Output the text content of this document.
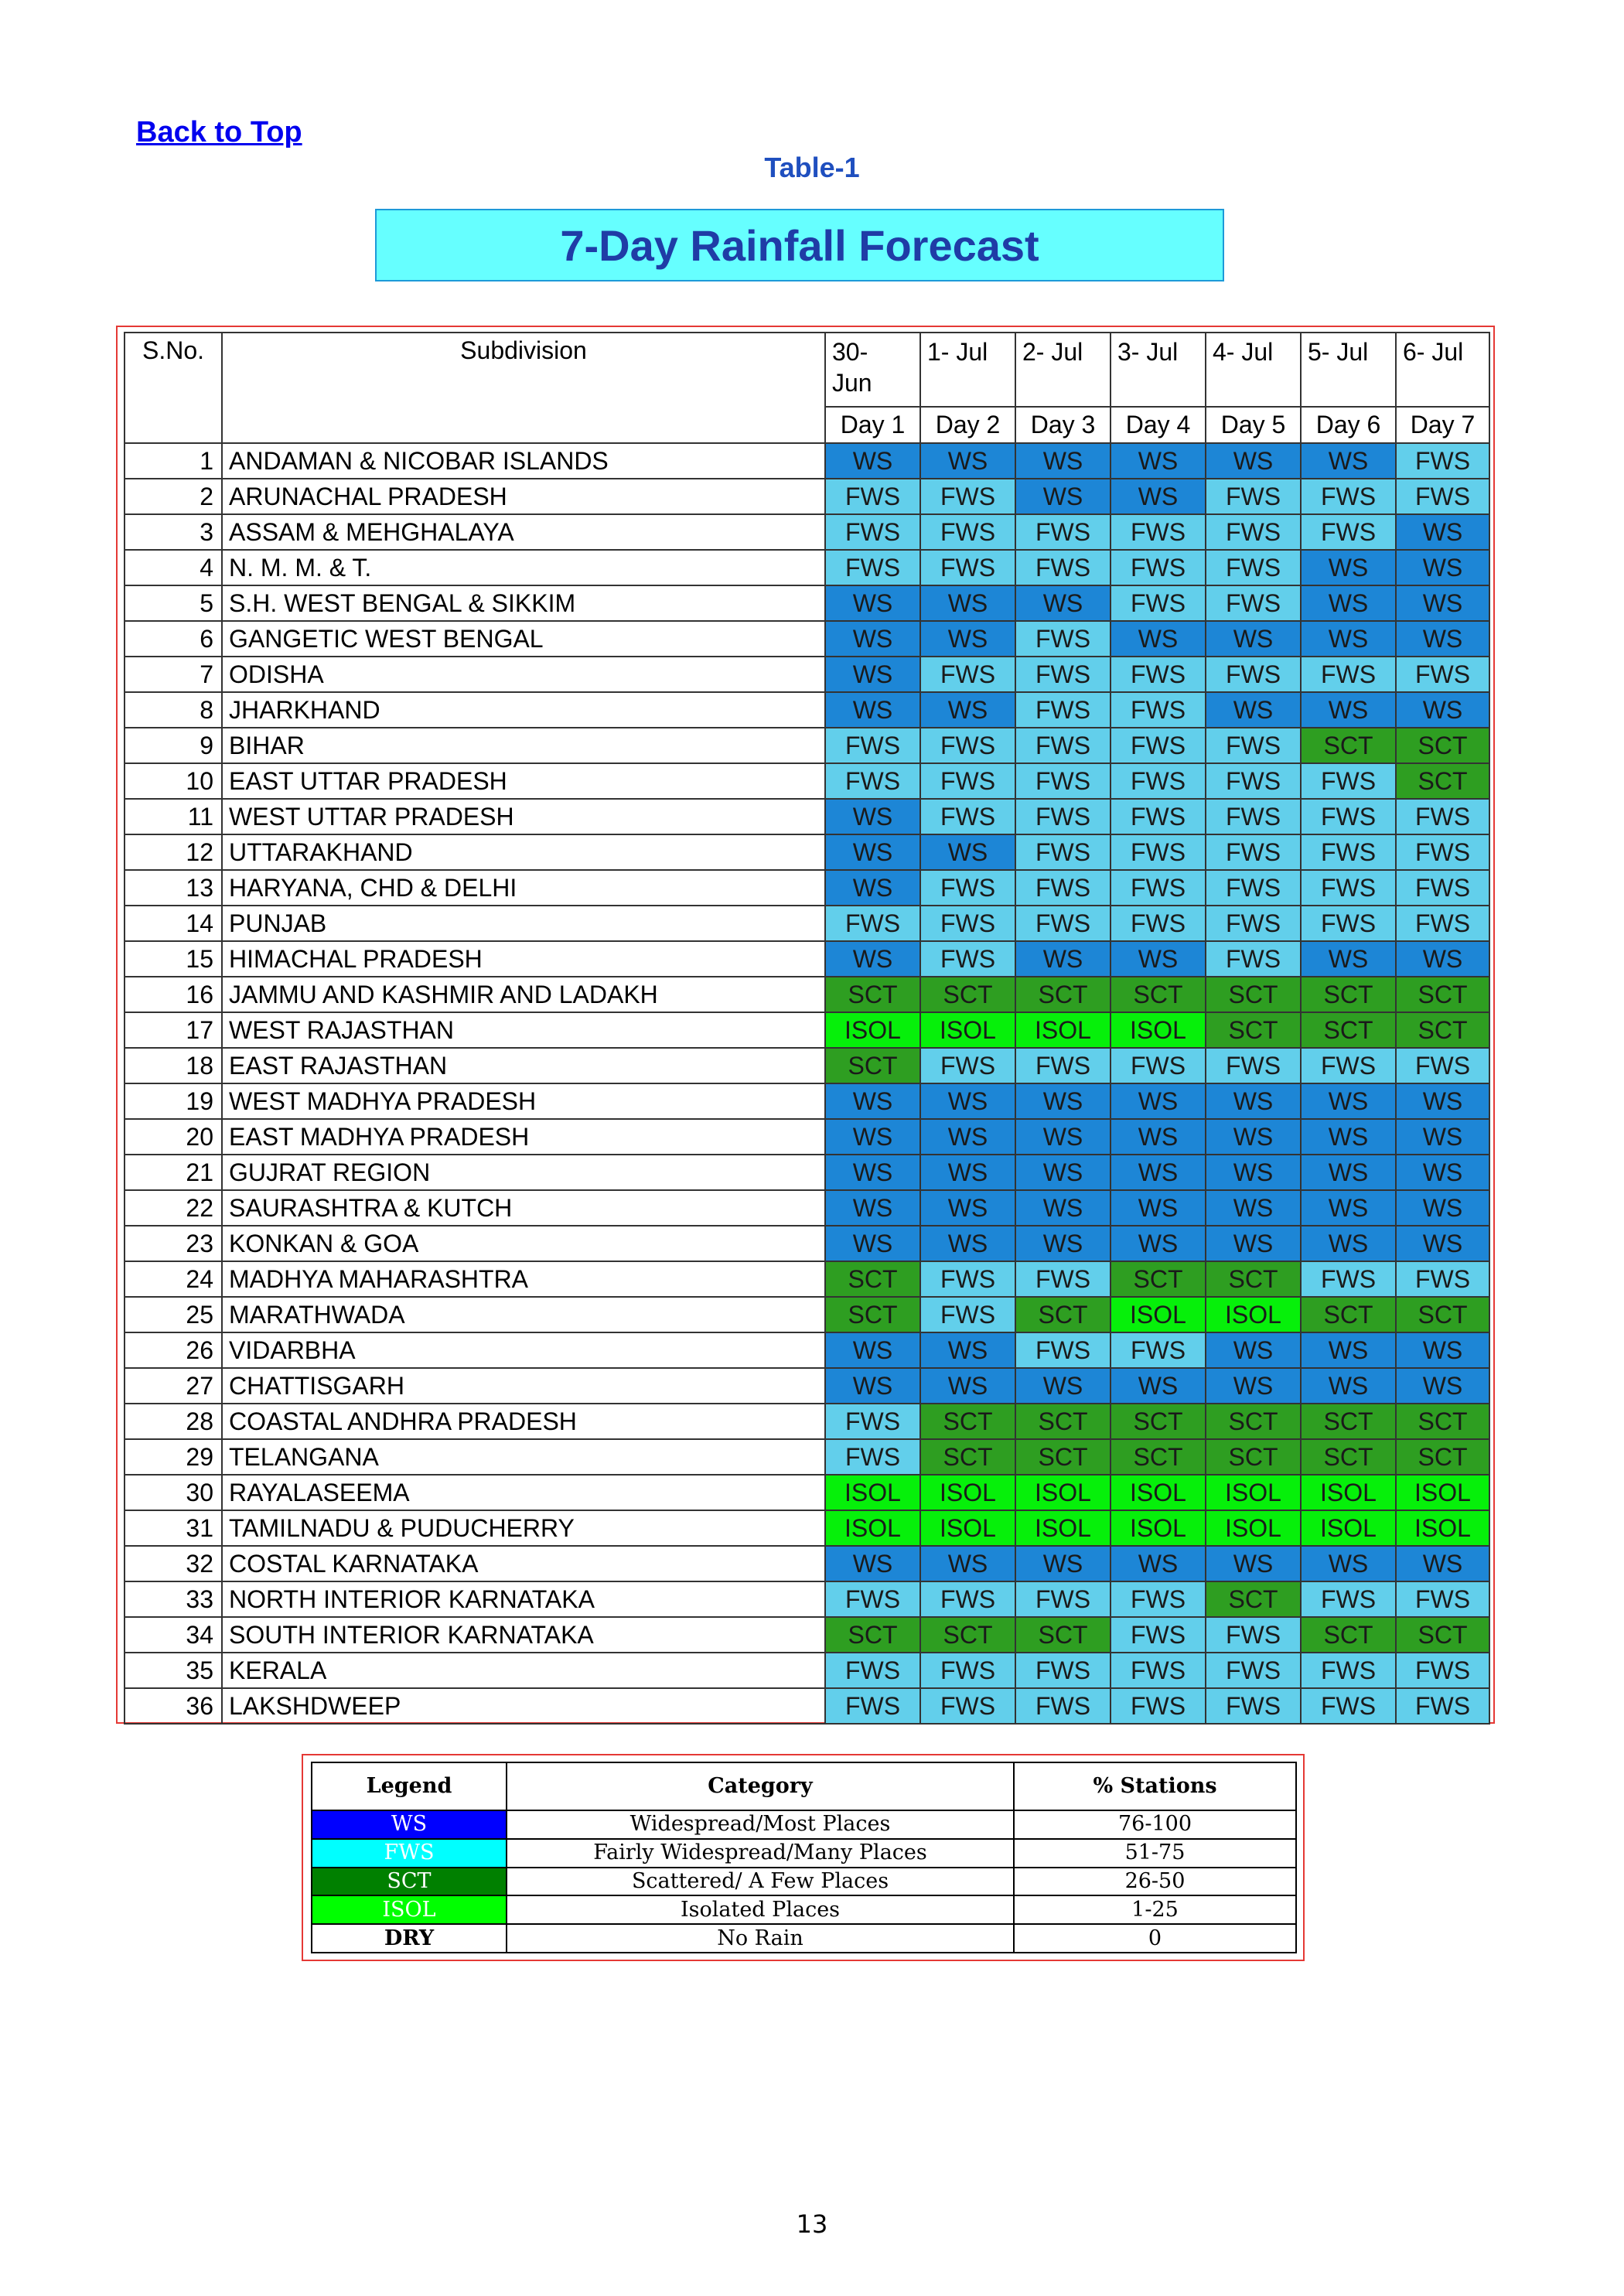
Back to Top
Table-1
7-Day Rainfall Forecast
S.No.	Subdivision	30- Jun	1- Jul	2- Jul	3- Jul	4- Jul	5- Jul	6- Jul
		Day 1	Day 2	Day 3	Day 4	Day 5	Day 6	Day 7
1	ANDAMAN & NICOBAR ISLANDS	WS	WS	WS	WS	WS	WS	FWS
2	ARUNACHAL PRADESH	FWS	FWS	WS	WS	FWS	FWS	FWS
3	ASSAM & MEHGHALAYA	FWS	FWS	FWS	FWS	FWS	FWS	WS
4	N. M. M. & T.	FWS	FWS	FWS	FWS	FWS	WS	WS
5	S.H. WEST BENGAL & SIKKIM	WS	WS	WS	FWS	FWS	WS	WS
6	GANGETIC WEST BENGAL	WS	WS	FWS	WS	WS	WS	WS
7	ODISHA	WS	FWS	FWS	FWS	FWS	FWS	FWS
8	JHARKHAND	WS	WS	FWS	FWS	WS	WS	WS
9	BIHAR	FWS	FWS	FWS	FWS	FWS	SCT	SCT
10	EAST UTTAR PRADESH	FWS	FWS	FWS	FWS	FWS	FWS	SCT
11	WEST UTTAR PRADESH	WS	FWS	FWS	FWS	FWS	FWS	FWS
12	UTTARAKHAND	WS	WS	FWS	FWS	FWS	FWS	FWS
13	HARYANA, CHD & DELHI	WS	FWS	FWS	FWS	FWS	FWS	FWS
14	PUNJAB	FWS	FWS	FWS	FWS	FWS	FWS	FWS
15	HIMACHAL PRADESH	WS	FWS	WS	WS	FWS	WS	WS
16	JAMMU AND KASHMIR AND LADAKH	SCT	SCT	SCT	SCT	SCT	SCT	SCT
17	WEST RAJASTHAN	ISOL	ISOL	ISOL	ISOL	SCT	SCT	SCT
18	EAST RAJASTHAN	SCT	FWS	FWS	FWS	FWS	FWS	FWS
19	WEST MADHYA PRADESH	WS	WS	WS	WS	WS	WS	WS
20	EAST MADHYA PRADESH	WS	WS	WS	WS	WS	WS	WS
21	GUJRAT REGION	WS	WS	WS	WS	WS	WS	WS
22	SAURASHTRA & KUTCH	WS	WS	WS	WS	WS	WS	WS
23	KONKAN & GOA	WS	WS	WS	WS	WS	WS	WS
24	MADHYA MAHARASHTRA	SCT	FWS	FWS	SCT	SCT	FWS	FWS
25	MARATHWADA	SCT	FWS	SCT	ISOL	ISOL	SCT	SCT
26	VIDARBHA	WS	WS	FWS	FWS	WS	WS	WS
27	CHATTISGARH	WS	WS	WS	WS	WS	WS	WS
28	COASTAL ANDHRA PRADESH	FWS	SCT	SCT	SCT	SCT	SCT	SCT
29	TELANGANA	FWS	SCT	SCT	SCT	SCT	SCT	SCT
30	RAYALASEEMA	ISOL	ISOL	ISOL	ISOL	ISOL	ISOL	ISOL
31	TAMILNADU & PUDUCHERRY	ISOL	ISOL	ISOL	ISOL	ISOL	ISOL	ISOL
32	COSTAL KARNATAKA	WS	WS	WS	WS	WS	WS	WS
33	NORTH INTERIOR KARNATAKA	FWS	FWS	FWS	FWS	SCT	FWS	FWS
34	SOUTH INTERIOR KARNATAKA	SCT	SCT	SCT	FWS	FWS	SCT	SCT
35	KERALA	FWS	FWS	FWS	FWS	FWS	FWS	FWS
36	LAKSHDWEEP	FWS	FWS	FWS	FWS	FWS	FWS	FWS
Legend	Category	% Stations
WS	Widespread/Most Places	76-100
FWS	Fairly Widespread/Many Places	51-75
SCT	Scattered/ A Few Places	26-50
ISOL	Isolated Places	1-25
DRY	No Rain	0
13
